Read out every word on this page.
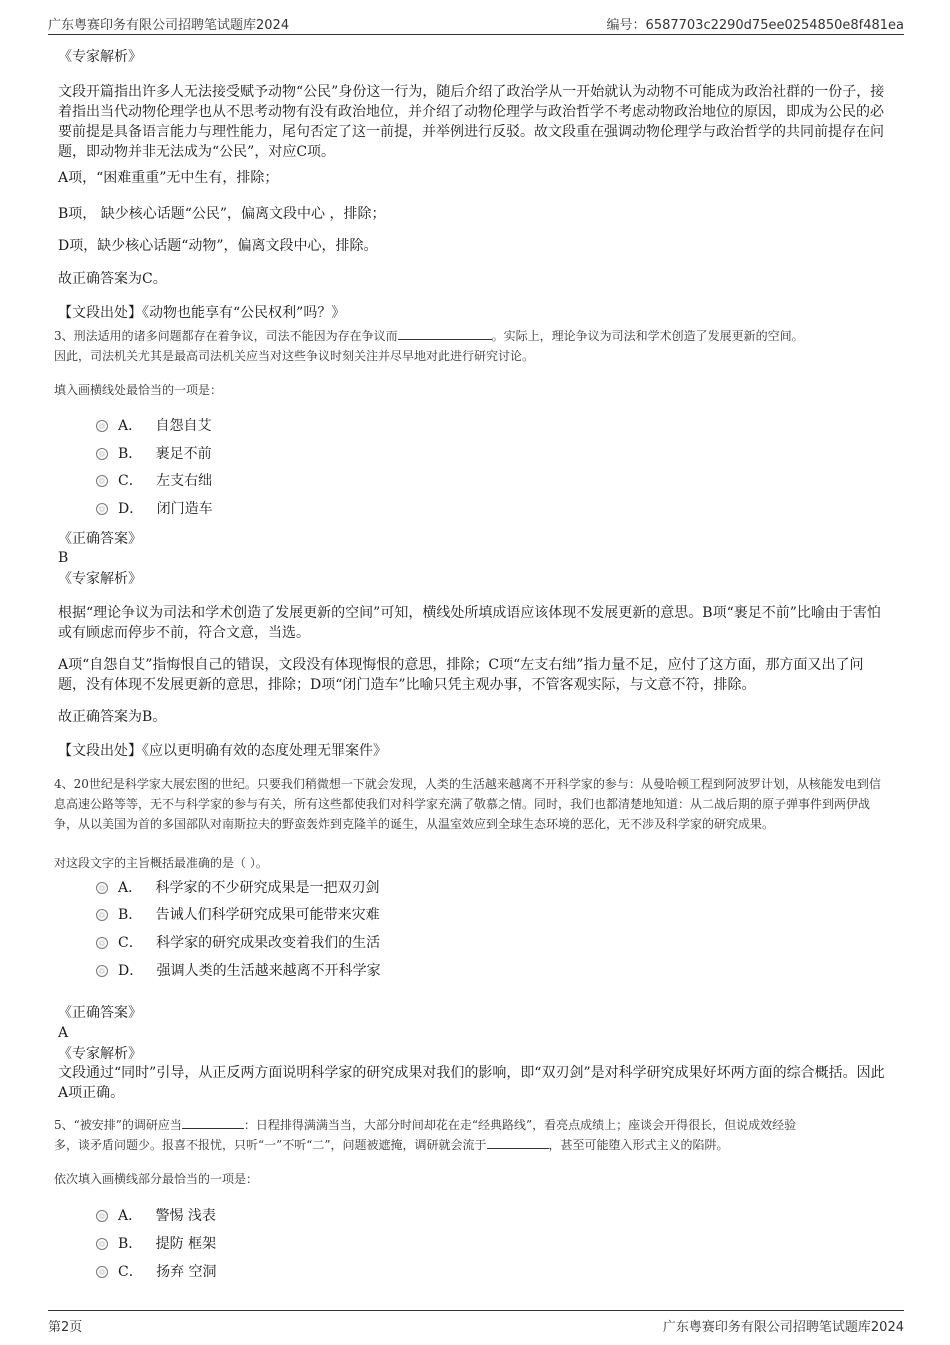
广东粤赛印务有限公司招聘笔试题库2024	编号：6587703c2290d75ee0254850e8f481ea
《专家解析》
文段开篇指出许多人无法接受赋予动物“公民”身份这一行为，随后介绍了政治学从一开始就认为动物不可能成为政治社群的一份子，接着指出当代动物伦理学也从不思考动物有没有政治地位，并介绍了动物伦理学与政治哲学不考虑动物政治地位的原因，即成为公民的必要前提是具备语言能力与理性能力，尾句否定了这一前提，并举例进行反驳。故文段重在强调动物伦理学与政治哲学的共同前提存在问题，即动物并非无法成为“公民”，对应C项。
A项，“困难重重”无中生有，排除；
B项， 缺少核心话题“公民”，偏离文段中心 ，排除；
D项，缺少核心话题“动物”，偏离文段中心，排除。
故正确答案为C。
【文段出处】《动物也能享有“公民权利”吗？》
3、刑法适用的诸多问题都存在着争议，司法不能因为存在争议而	。实际上，理论争议为司法和学术创造了发展更新的空间。
因此，司法机关尤其是最高司法机关应当对这些争议时刻关注并尽早地对此进行研究讨论。
填入画横线处最恰当的一项是：
A． 自怨自艾
B． 裹足不前
C． 左支右绌
D． 闭门造车
《正确答案》
B
《专家解析》
根据“理论争议为司法和学术创造了发展更新的空间”可知，横线处所填成语应该体现不发展更新的意思。B项“裹足不前”比喻由于害怕或有顾虑而停步不前，符合文意，当选。
A项“自怨自艾”指悔恨自己的错误，文段没有体现悔恨的意思，排除；C项“左支右绌”指力量不足，应付了这方面，那方面又出了问题，没有体现不发展更新的意思，排除；D项“闭门造车”比喻只凭主观办事，不管客观实际，与文意不符，排除。
故正确答案为B。
【文段出处】《应以更明确有效的态度处理无罪案件》
4、20世纪是科学家大展宏图的世纪。只要我们稍微想一下就会发现，人类的生活越来越离不开科学家的参与：从曼哈顿工程到阿波罗计划，从核能发电到信息高速公路等等，无不与科学家的参与有关，所有这些都使我们对科学家充满了敬慕之情。同时，我们也都清楚地知道：从二战后期的原子弹事件到两伊战争，从以美国为首的多国部队对南斯拉夫的野蛮轰炸到克隆羊的诞生，从温室效应到全球生态环境的恶化，无不涉及科学家的研究成果。
对这段文字的主旨概括最准确的是（ ）。
A． 科学家的不少研究成果是一把双刃剑
B． 告诫人们科学研究成果可能带来灾难
C． 科学家的研究成果改变着我们的生活
D． 强调人类的生活越来越离不开科学家
《正确答案》
A
《专家解析》
文段通过“同时”引导，从正反两方面说明科学家的研究成果对我们的影响，即“双刃剑”是对科学研究成果好坏两方面的综合概括。因此A项正确。
5、“被安排”的调研应当	：日程排得满满当当，大部分时间却花在走“经典路线”，看亮点成绩上；座谈会开得很长，但说成效经验
多，谈矛盾问题少。报喜不报忧，只听“一”不听“二”，问题被遮掩，调研就会流于	，甚至可能堕入形式主义的陷阱。
依次填入画横线部分最恰当的一项是：
A． 警惕 浅表
B． 提防 框架
C． 扬弃 空洞
第2页	广东粤赛印务有限公司招聘笔试题库2024
